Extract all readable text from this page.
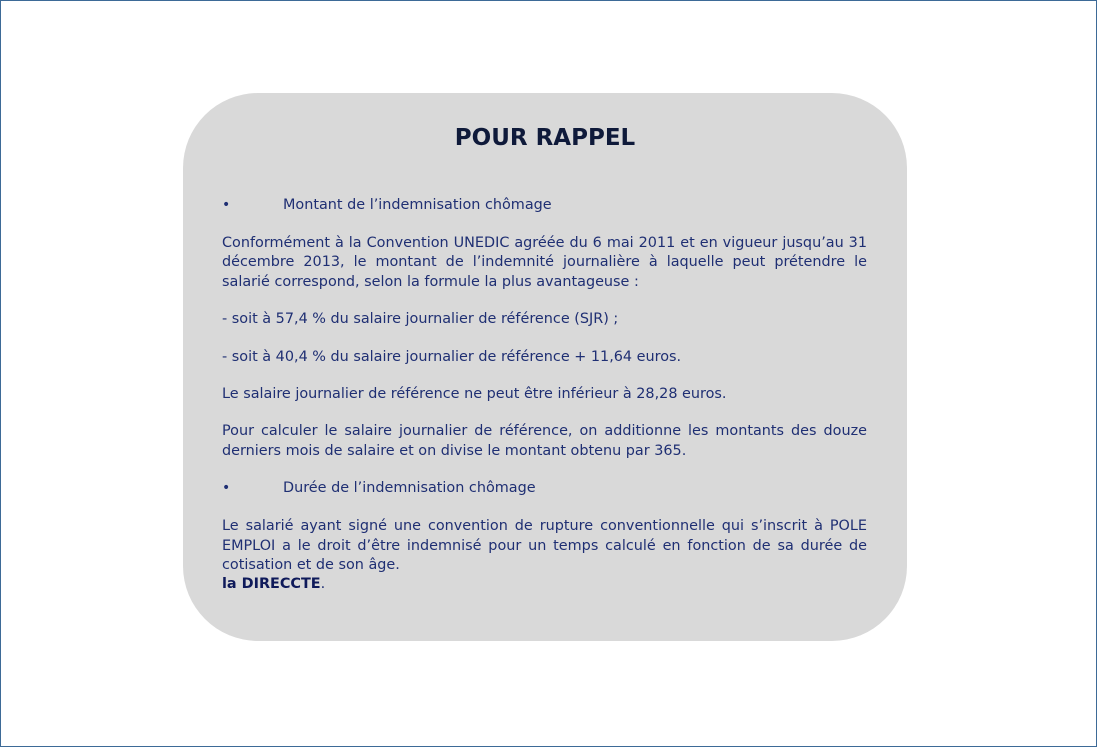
POUR RAPPEL
•	Montant de l’indemnisation chômage

Conformément à la Convention UNEDIC agréée du 6 mai 2011 et en vigueur jusqu’au 31 décembre 2013, le montant de l’indemnité journalière à laquelle peut prétendre le salarié correspond, selon la formule la plus avantageuse :

- soit à 57,4 % du salaire journalier de référence (SJR) ;

- soit à 40,4 % du salaire journalier de référence + 11,64 euros.

Le salaire journalier de référence ne peut être inférieur à 28,28 euros.

Pour calculer le salaire journalier de référence, on additionne les montants des douze derniers mois de salaire et on divise le montant obtenu par 365.

•	Durée de l’indemnisation chômage

Le salarié ayant signé une convention de rupture conventionnelle qui s’inscrit à POLE EMPLOI a le droit d’être indemnisé pour un temps calculé en fonction de sa durée de cotisation et de son âge.

la DIRECCTE.
